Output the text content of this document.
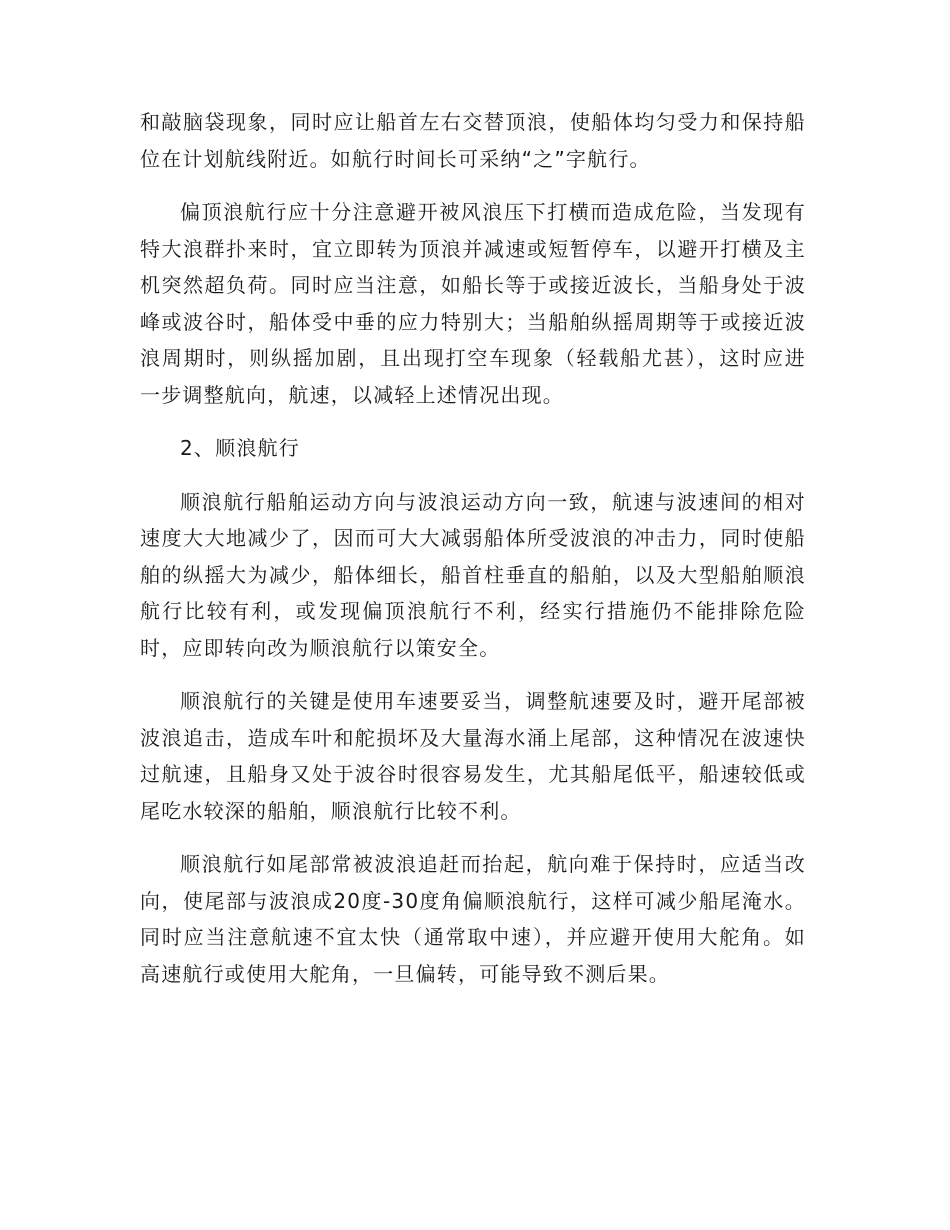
和敲脑袋现象，同时应让船首左右交替顶浪，使船体均匀受力和保持船位在计划航线附近。如航行时间长可采纳“之”字航行。

偏顶浪航行应十分注意避开被风浪压下打横而造成危险，当发现有特大浪群扑来时，宜立即转为顶浪并减速或短暂停车，以避开打横及主机突然超负荷。同时应当注意，如船长等于或接近波长，当船身处于波峰或波谷时，船体受中垂的应力特别大；当船舶纵摇周期等于或接近波浪周期时，则纵摇加剧，且出现打空车现象（轻载船尤甚），这时应进一步调整航向，航速，以减轻上述情况出现。

2、顺浪航行

顺浪航行船舶运动方向与波浪运动方向一致，航速与波速间的相对速度大大地减少了，因而可大大减弱船体所受波浪的冲击力，同时使船舶的纵摇大为减少，船体细长，船首柱垂直的船舶，以及大型船舶顺浪航行比较有利，或发现偏顶浪航行不利，经实行措施仍不能排除危险时，应即转向改为顺浪航行以策安全。

顺浪航行的关键是使用车速要妥当，调整航速要及时，避开尾部被波浪追击，造成车叶和舵损坏及大量海水涌上尾部，这种情况在波速快过航速，且船身又处于波谷时很容易发生，尤其船尾低平，船速较低或尾吃水较深的船舶，顺浪航行比较不利。

顺浪航行如尾部常被波浪追赶而抬起，航向难于保持时，应适当改向，使尾部与波浪成20度-30度角偏顺浪航行，这样可减少船尾淹水。同时应当注意航速不宜太快（通常取中速），并应避开使用大舵角。如高速航行或使用大舵角，一旦偏转，可能导致不测后果。
